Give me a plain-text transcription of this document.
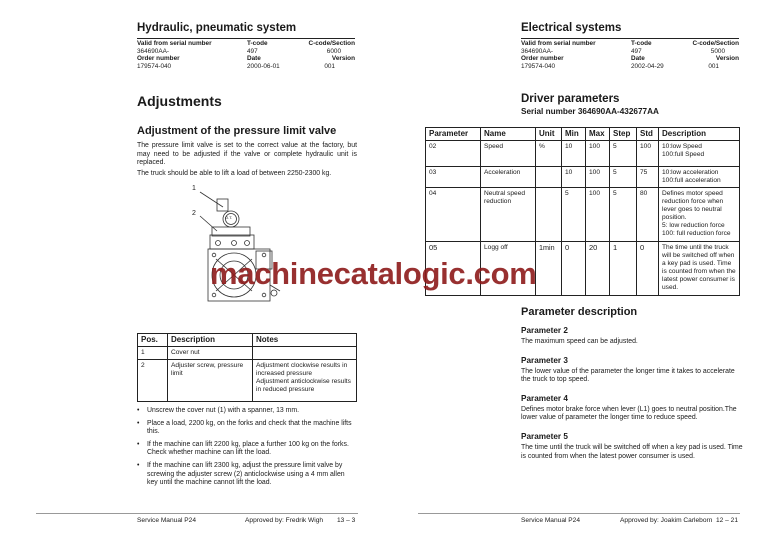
Hydraulic, pneumatic system
Valid from serial number	T-code	C-code/Section
364690AA-	497	6000
Order number	Date	Version
179574-040	2000-06-01	001
Adjustments
Adjustment of the pressure limit valve
The pressure limit valve is set to the correct value at the factory, but may need to be adjusted if the valve or complete hydraulic unit is replaced.
The truck should be able to lift a load of between 2250-2300 kg.
1
2
O.T.
Pos.	Description	Notes
1	Cover nut	
2	Adjuster screw, pressure limit	Adjustment clockwise results in increased pressure
Adjustment anticlockwise results in reduced pressure
• Unscrew the cover nut (1) with a spanner, 13 mm.
• Place a load, 2200 kg, on the forks and check that the machine lifts this.
• If the machine can lift 2200 kg, place a further 100 kg on the forks. Check whether machine can lift the load.
• If the machine can lift 2300 kg, adjust the pressure limit valve by screwing the adjuster screw (2) anticlockwise using a 4 mm allen key until the machine cannot lift the load.
Service Manual P24	Approved by: Fredrik Wigh 13 – 3
Electrical systems
Valid from serial number	T-code	C-code/Section
364690AA-	497	5000
Order number	Date	Version
179574-040	2002-04-29	001
Driver parameters
Serial number 364690AA-432677AA
Parameter	Name	Unit	Min	Max	Step	Std	Description
02	Speed	%	10	100	5	100	10:low Speed
100:full Speed
03	Acceleration		10	100	5	75	10:low acceleration
100:full acceleration
04	Neutral speed reduction		5	100	5	80	Defines motor speed reduction force when lever goes to neutral position.
5: low reduction force
100: full reduction force
05	Logg off	1min	0	20	1	0	The time until the truck will be switched off when a key pad is used. Time is counted from when the latest power consumer is used.
Parameter description
Parameter 2
The maximum speed can be adjusted.
Parameter 3
The lower value of the parameter the longer time it takes to accelerate the truck to top speed.
Parameter 4
Defines motor brake force when lever (L1) goes to neutral position.The lower value of parameter the longer time to reduce speed.
Parameter 5
The time until the truck will be switched off when a key pad is used. Time is counted from when the latest power consumer is used.
Service Manual P24	Approved by: Joakim Carleborn 12 – 21
machinecatalogic.com
